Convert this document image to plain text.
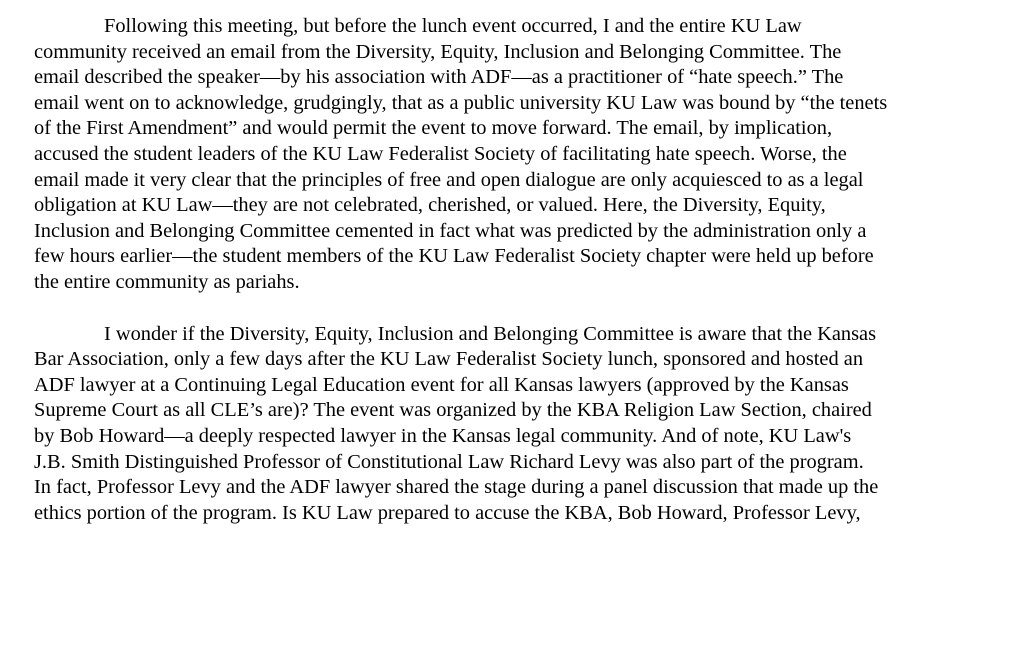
Following this meeting, but before the lunch event occurred, I and the entire KU Law
community received an email from the Diversity, Equity, Inclusion and Belonging Committee. The
email described the speaker—by his association with ADF—as a practitioner of “hate speech.” The
email went on to acknowledge, grudgingly, that as a public university KU Law was bound by “the tenets
of the First Amendment” and would permit the event to move forward. The email, by implication,
accused the student leaders of the KU Law Federalist Society of facilitating hate speech. Worse, the
email made it very clear that the principles of free and open dialogue are only acquiesced to as a legal
obligation at KU Law—they are not celebrated, cherished, or valued. Here, the Diversity, Equity,
Inclusion and Belonging Committee cemented in fact what was predicted by the administration only a
few hours earlier—the student members of the KU Law Federalist Society chapter were held up before
the entire community as pariahs.
I wonder if the Diversity, Equity, Inclusion and Belonging Committee is aware that the Kansas
Bar Association, only a few days after the KU Law Federalist Society lunch, sponsored and hosted an
ADF lawyer at a Continuing Legal Education event for all Kansas lawyers (approved by the Kansas
Supreme Court as all CLE’s are)? The event was organized by the KBA Religion Law Section, chaired
by Bob Howard—a deeply respected lawyer in the Kansas legal community. And of note, KU Law's
J.B. Smith Distinguished Professor of Constitutional Law Richard Levy was also part of the program.
In fact, Professor Levy and the ADF lawyer shared the stage during a panel discussion that made up the
ethics portion of the program. Is KU Law prepared to accuse the KBA, Bob Howard, Professor Levy,
